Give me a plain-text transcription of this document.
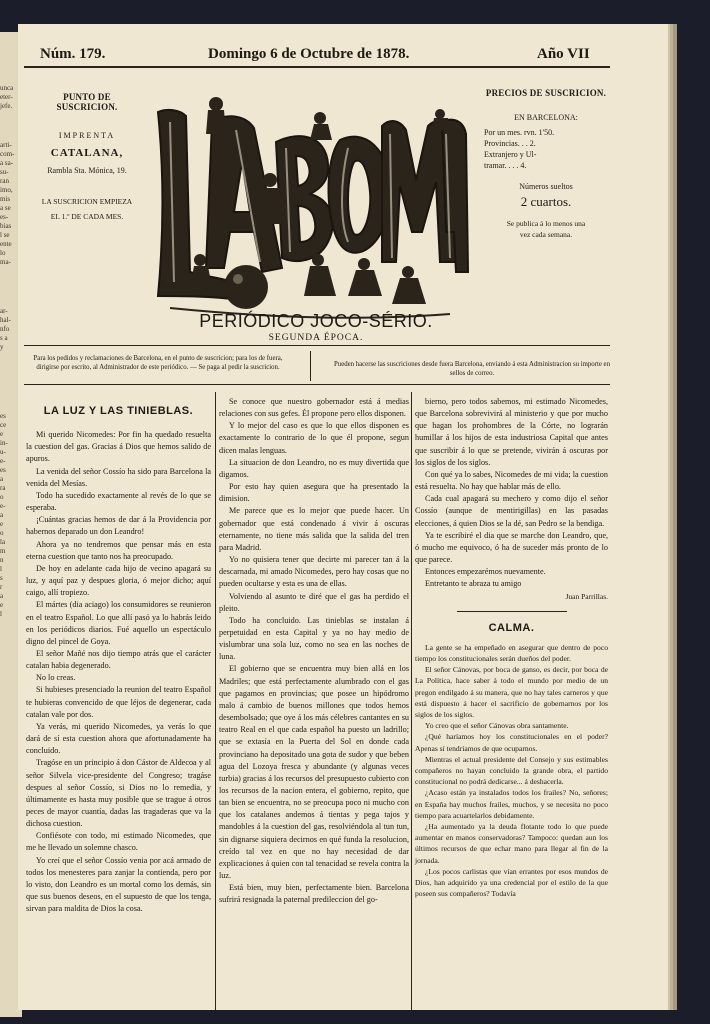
unca
eter-
jefe.
arti-
com-
a sa-
su-
ran
imo,
mis
a se
es-
bias
l se
ente
lo
ma-
ar-
hal-
nfo
s a
y
es
ce
e
in-
u-
e-
es
a
ra
o
e-
a
e
o
la
m
n
l
s
r
a
e
l
Núm. 179.	Domingo 6 de Octubre de 1878.	Año VII
PUNTO DE SUSCRICION.
IMPRENTA
CATALANA,
Rambla Sta. Mónica, 19.
LA SUSCRICION EMPIEZA
EL 1.º DE CADA MES.
PRECIOS DE SUSCRICION.
EN BARCELONA:
Por un mes. rvn. 1'50.
Provincias. . . 2.
Extranjero y Ul-
tramar. . . . 4.
Números sueltos
2 cuartos.
Se publica á lo menos una
vez cada semana.
PERIÓDICO JOCO-SÉRIO.
SEGUNDA ÉPOCA.
Para los pedidos y reclamaciones de Barcelona, en el punto de suscricion; para los de fuera, dirigirse por escrito, al Administrador de este periódico. — Se paga al pedir la suscricion.	Pueden hacerse las suscriciones desde fuera Barcelona, enviando á esta Administracion su importe en sellos de correo.
LA LUZ Y LAS TINIEBLAS.

Mi querido Nicomedes: Por fin ha quedado resuelta la cuestion del gas. Gracias á Dios que hemos salido de apuros.

La venida del señor Cossío ha sido para Barcelona la venida del Mesías.

Todo ha sucedido exactamente al revés de lo que se esperaba.

¡Cuántas gracias hemos de dar á la Providencia por habernos deparado un don Leandro!

Ahora ya no tendremos que pensar más en esta eterna cuestion que tanto nos ha preocupado.

De hoy en adelante cada hijo de vecino apagará su luz, y aquí paz y despues gloria, ó mejor dicho; aquí caigo, allí tropiezo.

El mártes (dia aciago) los consumidores se reunieron en el teatro Español. Lo que allí pasó ya lo habrás leido en los periódicos diarios. Fué aquello un espectáculo digno del pincel de Goya.

El señor Mañé nos dijo tiempo atrás que el carácter catalan habia degenerado.

No lo creas.

Si hubieses presenciado la reunion del teatro Español te hubieras convencido de que léjos de degenerar, cada catalan vale por dos.

Ya verás, mi querido Nicomedes, ya verás lo que dará de sí esta cuestion ahora que afortunadamente ha concluido.

Tragóse en un principio á don Cástor de Aldecoa y al señor Silvela vice-presidente del Congreso; tragáse despues al señor Cossío, si Dios no lo remedia, y últimamente es hasta muy posible que se trague á otros peces de mayor cuantía, dadas las tragaderas que va la dichosa cuestion.

Confiésote con todo, mi estimado Nicomedes, que me he llevado un solemne chasco.

Yo creí que el señor Cossío venia por acá armado de todos los menesteres para zanjar la contienda, pero por lo visto, don Leandro es un mortal como los demás, sin que sus buenos deseos, en el supuesto de que los tenga, sirvan para maldita de Dios la cosa.

Se conoce que nuestro gobernador está á medias relaciones con sus gefes. Él propone pero ellos disponen.

Y lo mejor del caso es que lo que ellos disponen es exactamente lo contrario de lo que él propone, segun dicen malas lenguas.

La situacion de don Leandro, no es muy divertida que digamos.

Por esto hay quien asegura que ha presentado la dimision.

Me parece que es lo mejor que puede hacer. Un gobernador que está condenado á vivir á oscuras eternamente, no tiene más salida que la salida del tren para Madrid.

Yo no quisiera tener que decirte mi parecer tan á la descarnada, mi amado Nicomedes, pero hay cosas que no pueden ocultarse y esta es una de ellas.

Volviendo al asunto te diré que el gas ha perdido el pleito.

Todo ha concluido. Las tinieblas se instalan á perpetuidad en esta Capital y ya no hay medio de vislumbrar una sola luz, como no sea en las noches de luna.

El gobierno que se encuentra muy bien allá en los Madriles; que está perfectamente alumbrado con el gas que pagamos en provincias; que posee un hipódromo malo á cambio de buenos millones que todos hemos desembolsado; que oye á los más célebres cantantes en su teatro Real en el que cada español ha puesto un ladrillo; que se extasía en la Puerta del Sol en donde cada provinciano ha depositado una gota de sudor y que beben agua del Lozoya fresca y abundante (y algunas veces turbia) gracias á los recursos del presupuesto cubierto con los recursos de la nacion entera, el gobierno, repito, que tan bien se encuentra, no se preocupa poco ni mucho con que los catalanes andemos á tientas y pega tajos y mandobles á la cuestion del gas, resolviéndola al tun tun, sin dignarse siquiera decirnos en qué funda la resolucion, creído tal vez en que no hay necesidad de dar explicaciones á quien con tal tenacidad se revela contra la luz.

Está bien, muy bien, perfectamente bien. Barcelona sufrirá resignada la paternal predileccion del go-

bierno, pero todos sabemos, mi estimado Nicomedes, que Barcelona sobrevivirá al ministerio y que por mucho que hagan los prohombres de la Córte, no lograrán humillar á los hijos de esta industriosa Capital que antes que suscribir á lo que se pretende, vivirán á oscuras por los siglos de los siglos.

Con qué ya lo sabes, Nicomedes de mi vida; la cuestion está resuelta. No hay que hablar más de ello.

Cada cual apagará su mechero y como dijo el señor Cossío (aunque de mentirigillas) en las pasadas elecciones, á quien Dios se la dé, san Pedro se la bendiga.

Ya te escribiré el dia que se marche don Leandro, que, ó mucho me equivoco, ó ha de suceder más pronto de lo que parece.

Entonces empezarémos nuevamente.

Entretanto te abraza tu amigo

Juan Parrillas.
CALMA.

La gente se ha empeñado en asegurar que dentro de poco tiempo los constitucionales serán dueños del poder.

El señor Cánovas, por boca de ganso, es decir, por boca de La Política, hace saber á todo el mundo por medio de un pregon endilgado á su manera, que no hay tales carneros y que está dispuesto á hacer el sacrificio de gobernarnos por los siglos de los siglos.

Yo creo que el señor Cánovas obra santamente.

¿Qué haríamos hoy los constitucionales en el poder? Apenas sí tendríamos de que ocuparnos.

Mientras el actual presidente del Consejo y sus estimables compañeros no hayan concluido la grande obra, el partido constitucional no podrá dedicarse... á deshacerla.

¿Acaso están ya instalados todos los frailes? No, señores; en España hay muchos frailes, muchos, y se necesita no poco tiempo para acuartelarlos debidamente.

¿Ha aumentado ya la deuda flotante todo lo que puede aumentar en manos conservadoras? Tampoco: quedan aun los últimos recursos de que echar mano para llegar al fin de la jornada.

¿Los pocos carlistas que vían errantes por esos mundos de Dios, han adquirido ya una credencial por el estilo de la que poseen sus compañeros? Todavía
